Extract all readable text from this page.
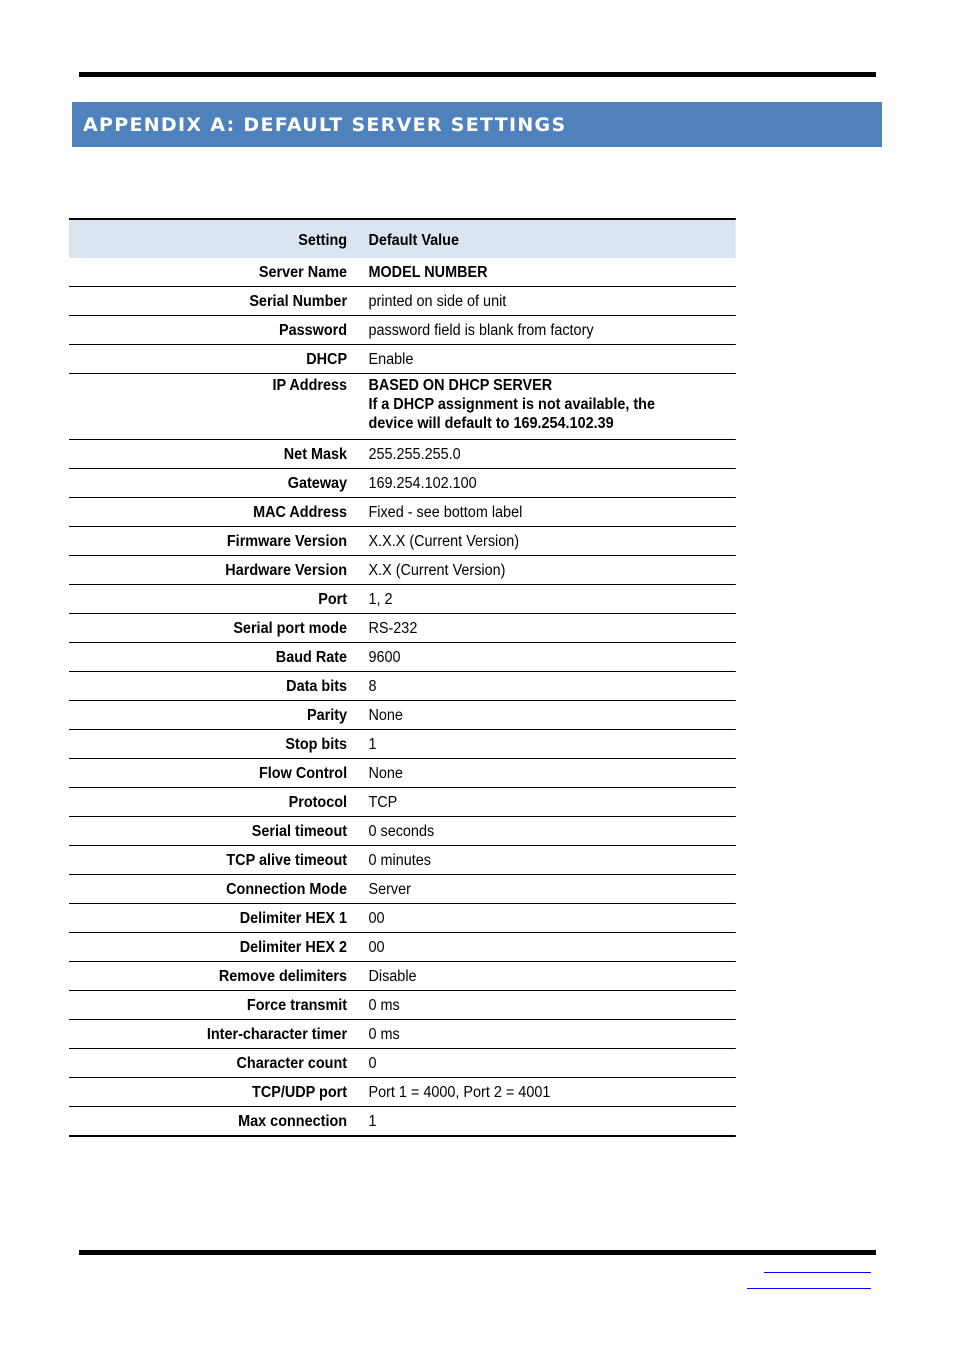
APPENDIX A: DEFAULT SERVER SETTINGS
Setting	Default Value
Server Name	MODEL NUMBER
Serial Number	printed on side of unit
Password	password field is blank from factory
DHCP	Enable
IP Address	BASED ON DHCP SERVER
If a DHCP assignment is not available, the
device will default to 169.254.102.39

Net Mask	255.255.255.0
Gateway	169.254.102.100
MAC Address	Fixed - see bottom label
Firmware Version	X.X.X (Current Version)
Hardware Version	X.X (Current Version)
Port	1, 2
Serial port mode	RS-232
Baud Rate	9600
Data bits	8
Parity	None
Stop bits	1
Flow Control	None
Protocol	TCP
Serial timeout	0 seconds
TCP alive timeout	0 minutes
Connection Mode	Server
Delimiter HEX 1	00
Delimiter HEX 2	00
Remove delimiters	Disable
Force transmit	0 ms
Inter-character timer	0 ms
Character count	0
TCP/UDP port	Port 1 = 4000, Port 2 = 4001
Max connection	1
